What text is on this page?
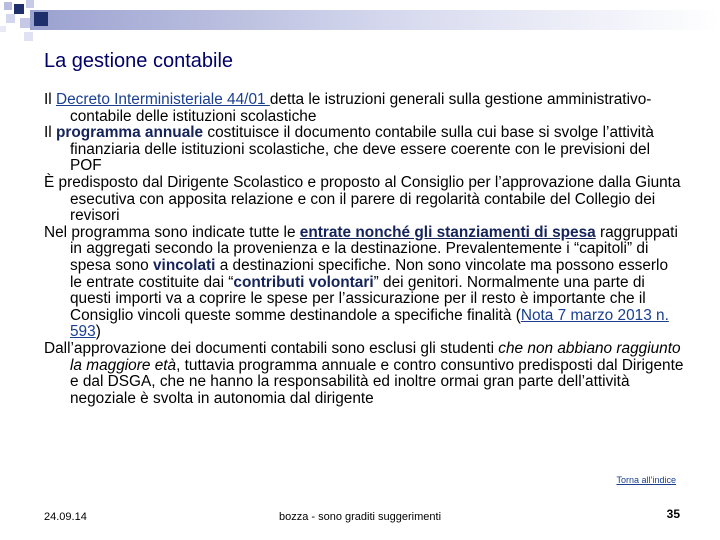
La gestione contabile

Il Decreto Interministeriale 44/01 detta le istruzioni generali sulla gestione amministrativo-contabile delle istituzioni scolastiche

Il programma annuale costituisce il documento contabile sulla cui base si svolge l’attività finanziaria delle istituzioni scolastiche, che deve essere coerente con le previsioni del POF

È predisposto dal Dirigente Scolastico e proposto al Consiglio per l’approvazione dalla Giunta esecutiva con apposita relazione e con il parere di regolarità contabile del Collegio dei revisori

Nel programma sono indicate tutte le entrate nonché gli stanziamenti di spesa raggruppati in aggregati secondo la provenienza e la destinazione. Prevalentemente i “capitoli” di spesa sono vincolati a destinazioni specifiche. Non sono vincolate ma possono esserlo le entrate costituite dai “contributi volontari” dei genitori. Normalmente una parte di questi importi va a coprire le spese per l’assicurazione per il resto è importante che il Consiglio vincoli queste somme destinandole a specifiche finalità (Nota 7 marzo 2013 n. 593)

Dall’approvazione dei documenti contabili sono esclusi gli studenti che non abbiano raggiunto la maggiore età, tuttavia programma annuale e contro consuntivo predisposti dal Dirigente e dal DSGA, che ne hanno la responsabilità ed inoltre ormai gran parte dell’attività negoziale è svolta in autonomia dal dirigente

Torna all’indice
24.09.14	bozza - sono graditi suggerimenti	35
